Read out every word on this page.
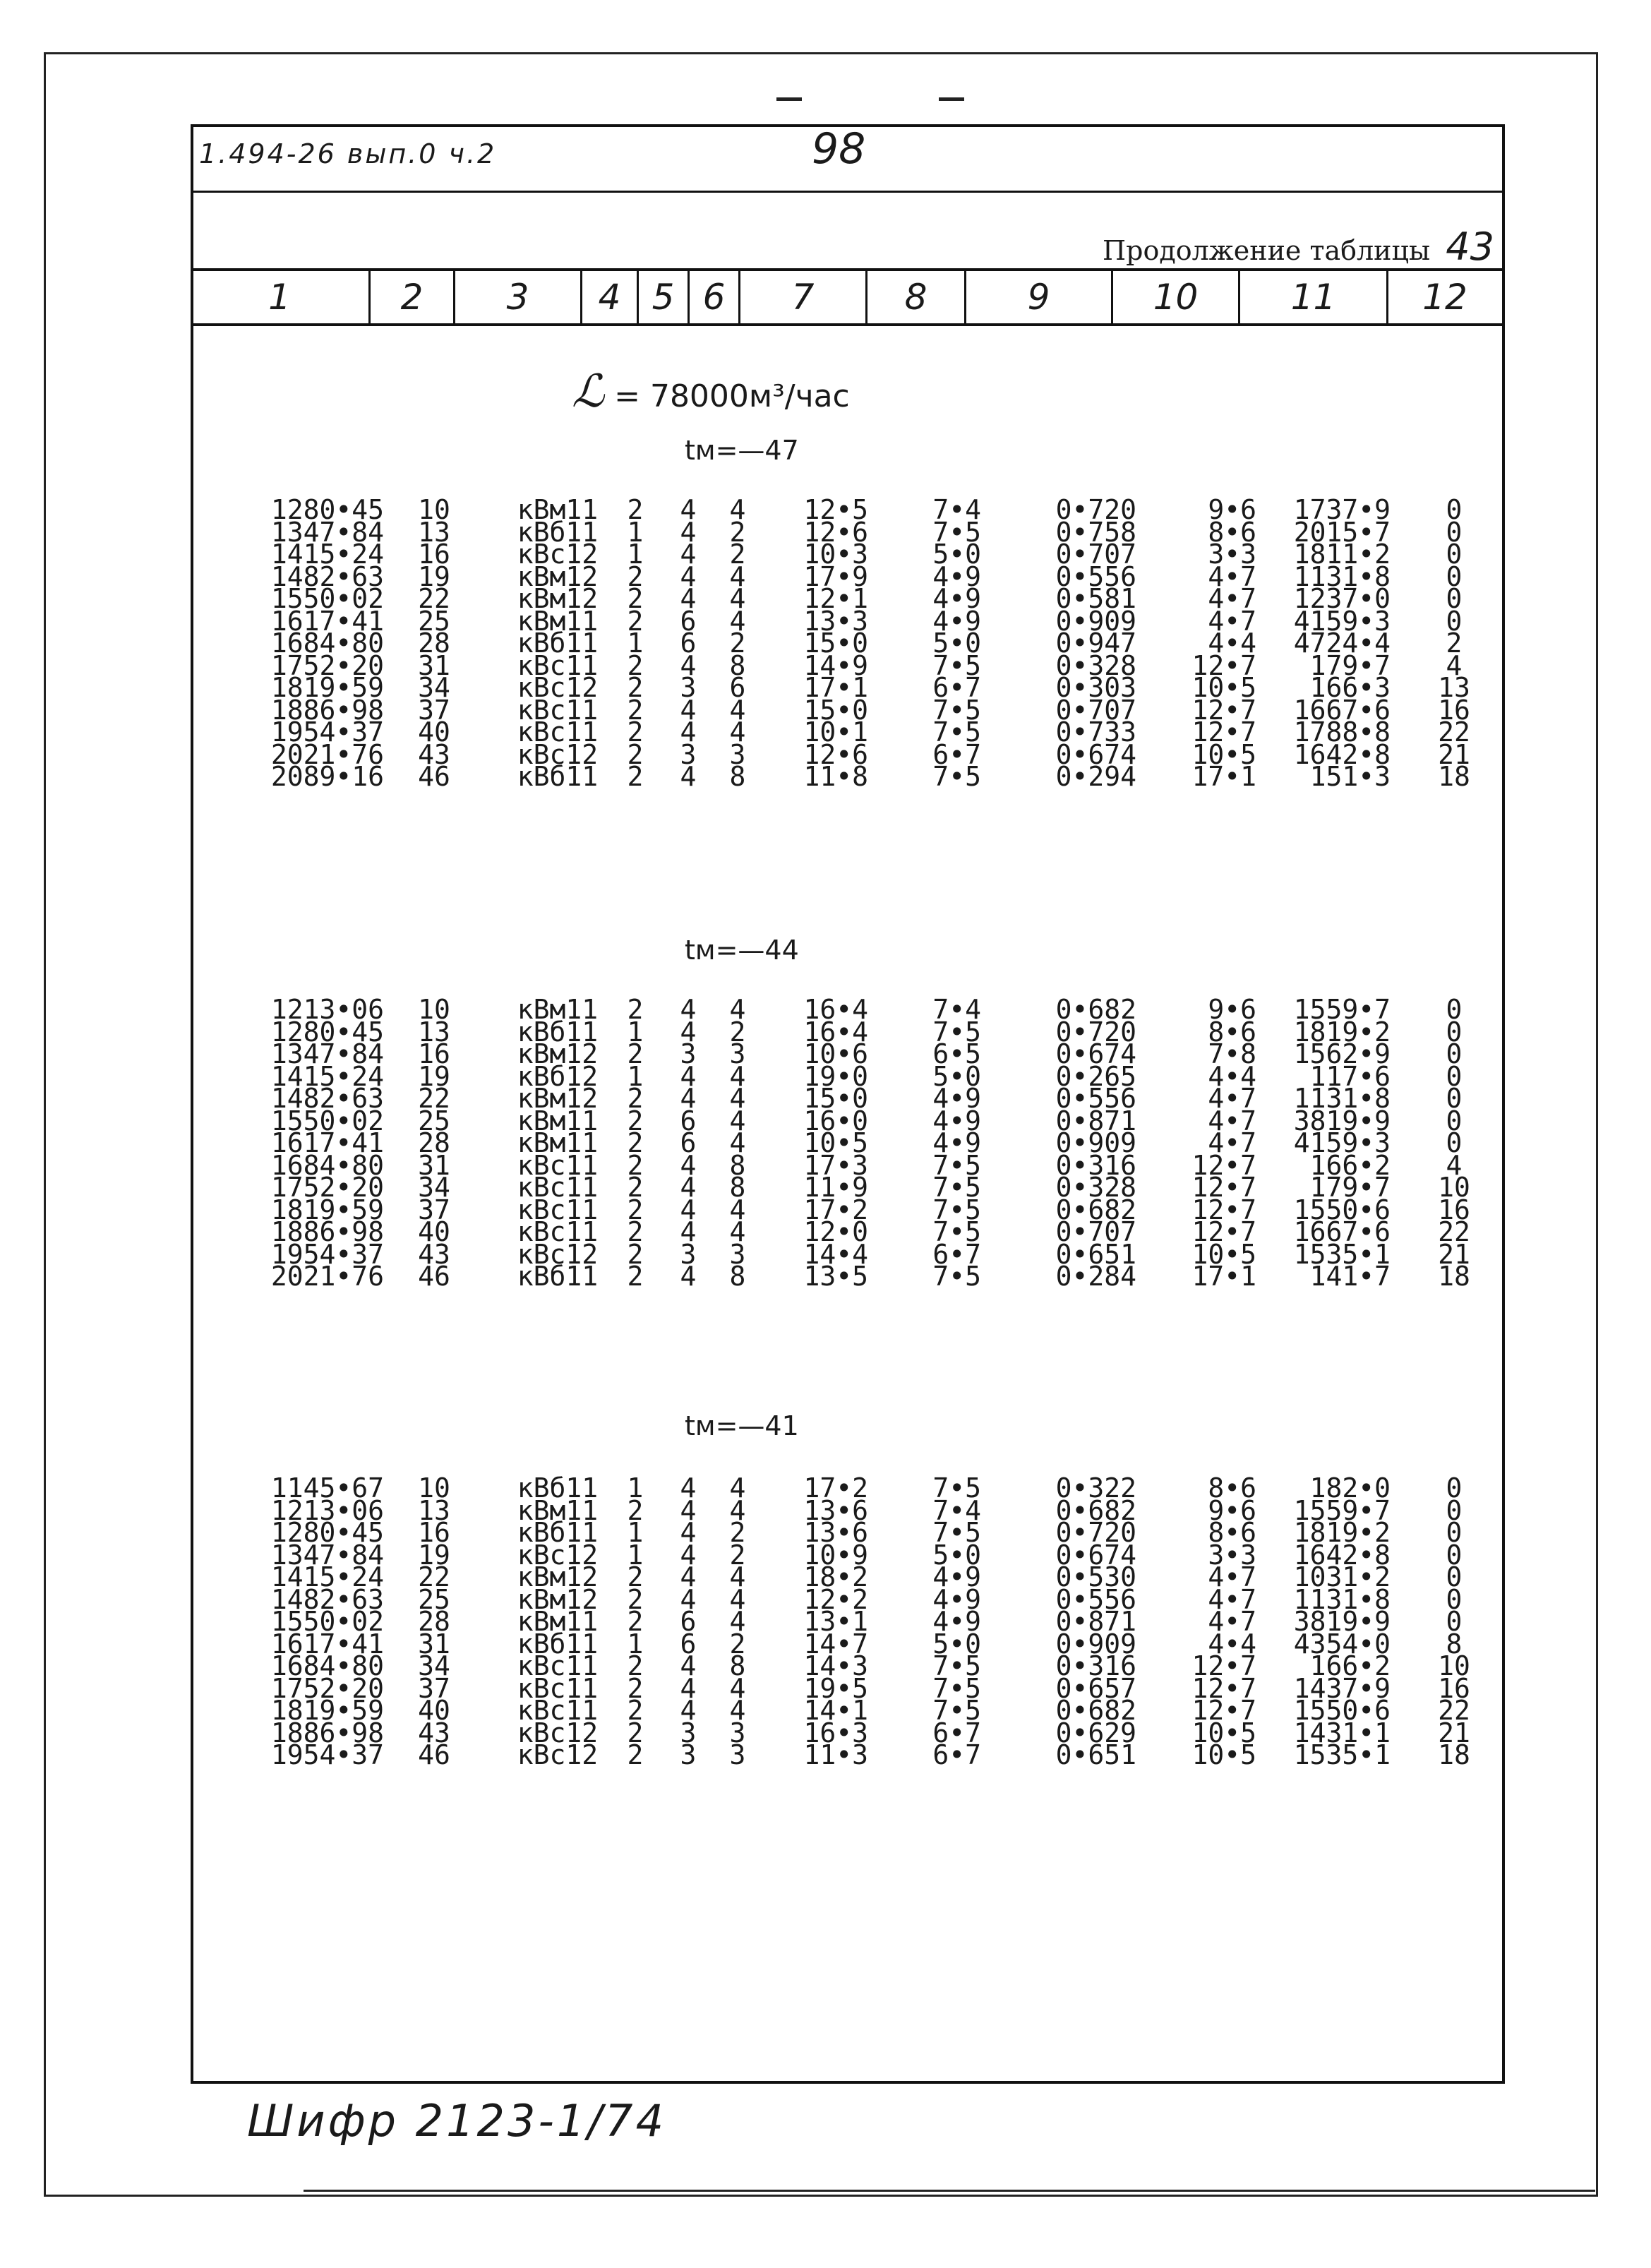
1.494-26 вып.0 ч.2	98
Продолжение таблицы 43
1	2	3	4 5 6	7	8	9	10	11	12
ℒ = 78000м³/час
tм=—47
1280•45	10	кВм11	2 4 4	12•5	7•4	0•720	9•6	1737•9	0
1347•84	13	кВб11	1 4 2	12•6	7•5	0•758	8•6	2015•7	0
1415•24	16	кВс12	1 4 2	10•3	5•0	0•707	3•3	1811•2	0
1482•63	19	кВм12	2 4 4	17•9	4•9	0•556	4•7	1131•8	0
1550•02	22	кВм12	2 4 4	12•1	4•9	0•581	4•7	1237•0	0
1617•41	25	кВм11	2 6 4	13•3	4•9	0•909	4•7	4159•3	0
1684•80	28	кВб11	1 6 2	15•0	5•0	0•947	4•4	4724•4	2
1752•20	31	кВс11	2 4 8	14•9	7•5	0•328	12•7	179•7	4
1819•59	34	кВс12	2 3 6	17•1	6•7	0•303	10•5	166•3	13
1886•98	37	кВс11	2 4 4	15•0	7•5	0•707	12•7	1667•6	16
1954•37	40	кВс11	2 4 4	10•1	7•5	0•733	12•7	1788•8	22
2021•76	43	кВс12	2 3 3	12•6	6•7	0•674	10•5	1642•8	21
2089•16	46	кВб11	2 4 8	11•8	7•5	0•294	17•1	151•3	18
tм=—44
1213•06	10	кВм11	2 4 4	16•4	7•4	0•682	9•6	1559•7	0
1280•45	13	кВб11	1 4 2	16•4	7•5	0•720	8•6	1819•2	0
1347•84	16	кВм12	2 3 3	10•6	6•5	0•674	7•8	1562•9	0
1415•24	19	кВб12	1 4 4	19•0	5•0	0•265	4•4	117•6	0
1482•63	22	кВм12	2 4 4	15•0	4•9	0•556	4•7	1131•8	0
1550•02	25	кВм11	2 6 4	16•0	4•9	0•871	4•7	3819•9	0
1617•41	28	кВм11	2 6 4	10•5	4•9	0•909	4•7	4159•3	0
1684•80	31	кВс11	2 4 8	17•3	7•5	0•316	12•7	166•2	4
1752•20	34	кВс11	2 4 8	11•9	7•5	0•328	12•7	179•7	10
1819•59	37	кВс11	2 4 4	17•2	7•5	0•682	12•7	1550•6	16
1886•98	40	кВс11	2 4 4	12•0	7•5	0•707	12•7	1667•6	22
1954•37	43	кВс12	2 3 3	14•4	6•7	0•651	10•5	1535•1	21
2021•76	46	кВб11	2 4 8	13•5	7•5	0•284	17•1	141•7	18
tм=—41
1145•67	10	кВб11	1 4 4	17•2	7•5	0•322	8•6	182•0	0
1213•06	13	кВм11	2 4 4	13•6	7•4	0•682	9•6	1559•7	0
1280•45	16	кВб11	1 4 2	13•6	7•5	0•720	8•6	1819•2	0
1347•84	19	кВс12	1 4 2	10•9	5•0	0•674	3•3	1642•8	0
1415•24	22	кВм12	2 4 4	18•2	4•9	0•530	4•7	1031•2	0
1482•63	25	кВм12	2 4 4	12•2	4•9	0•556	4•7	1131•8	0
1550•02	28	кВм11	2 6 4	13•1	4•9	0•871	4•7	3819•9	0
1617•41	31	кВб11	1 6 2	14•7	5•0	0•909	4•4	4354•0	8
1684•80	34	кВс11	2 4 8	14•3	7•5	0•316	12•7	166•2	10
1752•20	37	кВс11	2 4 4	19•5	7•5	0•657	12•7	1437•9	16
1819•59	40	кВс11	2 4 4	14•1	7•5	0•682	12•7	1550•6	22
1886•98	43	кВс12	2 3 3	16•3	6•7	0•629	10•5	1431•1	21
1954•37	46	кВс12	2 3 3	11•3	6•7	0•651	10•5	1535•1	18
Шифр 2123-1/74
